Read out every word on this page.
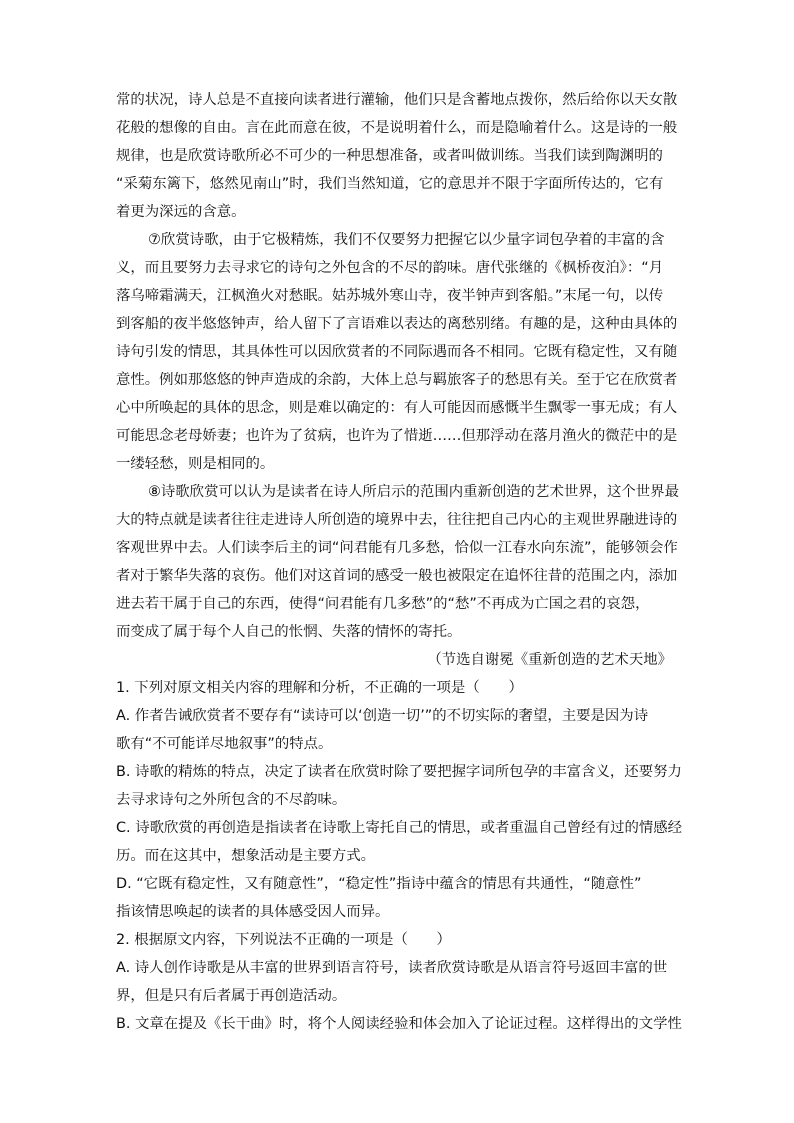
常的状况，诗人总是不直接向读者进行灌输，他们只是含蓄地点拨你，然后给你以天女散
花般的想像的自由。言在此而意在彼，不是说明着什么，而是隐喻着什么。这是诗的一般
规律，也是欣赏诗歌所必不可少的一种思想准备，或者叫做训练。当我们读到陶渊明的
“采菊东篱下，悠然见南山”时，我们当然知道，它的意思并不限于字面所传达的，它有
着更为深远的含意。
⑦欣赏诗歌，由于它极精炼，我们不仅要努力把握它以少量字词包孕着的丰富的含
义，而且要努力去寻求它的诗句之外包含的不尽的韵味。唐代张继的《枫桥夜泊》：“月
落乌啼霜满天，江枫渔火对愁眠。姑苏城外寒山寺，夜半钟声到客船。”末尾一句，以传
到客船的夜半悠悠钟声，给人留下了言语难以表达的离愁别绪。有趣的是，这种由具体的
诗句引发的情思，其具体性可以因欣赏者的不同际遇而各不相同。它既有稳定性，又有随
意性。例如那悠悠的钟声造成的余韵，大体上总与羁旅客子的愁思有关。至于它在欣赏者
心中所唤起的具体的思念，则是难以确定的：有人可能因而感慨半生飘零一事无成；有人
可能思念老母娇妻；也许为了贫病，也许为了惜逝……但那浮动在落月渔火的微茫中的是
一缕轻愁，则是相同的。
⑧诗歌欣赏可以认为是读者在诗人所启示的范围内重新创造的艺术世界，这个世界最
大的特点就是读者往往走进诗人所创造的境界中去，往往把自己内心的主观世界融进诗的
客观世界中去。人们读李后主的词“问君能有几多愁，恰似一江春水向东流”，能够领会作
者对于繁华失落的哀伤。他们对这首词的感受一般也被限定在追怀往昔的范围之内，添加
进去若干属于自己的东西，使得“问君能有几多愁”的“愁”不再成为亡国之君的哀怨，
而变成了属于每个人自己的怅惘、失落的情怀的寄托。
（节选自谢冕《重新创造的艺术天地》
1. 下列对原文相关内容的理解和分析，不正确的一项是（　　）
A. 作者告诫欣赏者不要存有“读诗可以‘创造一切’”的不切实际的奢望，主要是因为诗
歌有“不可能详尽地叙事”的特点。
B. 诗歌的精炼的特点，决定了读者在欣赏时除了要把握字词所包孕的丰富含义，还要努力
去寻求诗句之外所包含的不尽韵味。
C. 诗歌欣赏的再创造是指读者在诗歌上寄托自己的情思，或者重温自己曾经有过的情感经
历。而在这其中，想象活动是主要方式。
D. “它既有稳定性，又有随意性”，“稳定性”指诗中蕴含的情思有共通性，“随意性”
指该情思唤起的读者的具体感受因人而异。
2. 根据原文内容，下列说法不正确的一项是（　　）
A. 诗人创作诗歌是从丰富的世界到语言符号，读者欣赏诗歌是从语言符号返回丰富的世
界，但是只有后者属于再创造活动。
B. 文章在提及《长干曲》时，将个人阅读经验和体会加入了论证过程。这样得出的文学性
